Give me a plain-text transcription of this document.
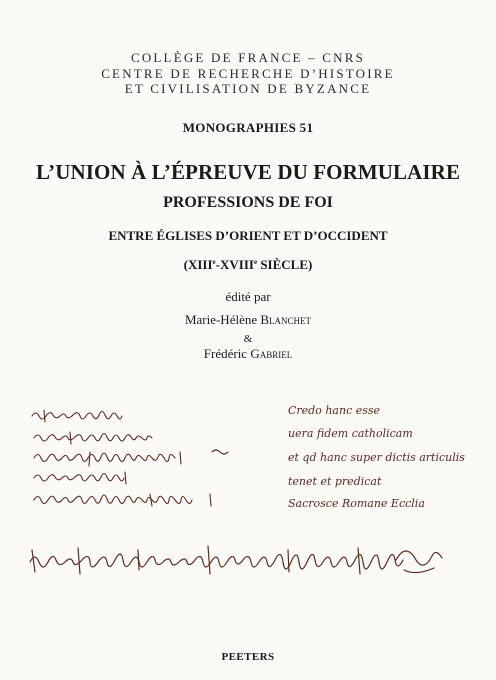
COLLÈGE DE FRANCE – CNRS
CENTRE DE RECHERCHE D’HISTOIRE
ET CIVILISATION DE BYZANCE
MONOGRAPHIES 51
L’UNION À L’ÉPREUVE DU FORMULAIRE
PROFESSIONS DE FOI
ENTRE ÉGLISES D’ORIENT ET D’OCCIDENT
(XIIIe-XVIIIe SIÈCLE)
édité par
Marie-Hélène Blanchet
&
Frédéric Gabriel
Credo hanc esse
uera fidem catholicam
et qd hanc super dictis articulis
tenet et predicat
Sacrosce Romane Ecclia
PEETERS
